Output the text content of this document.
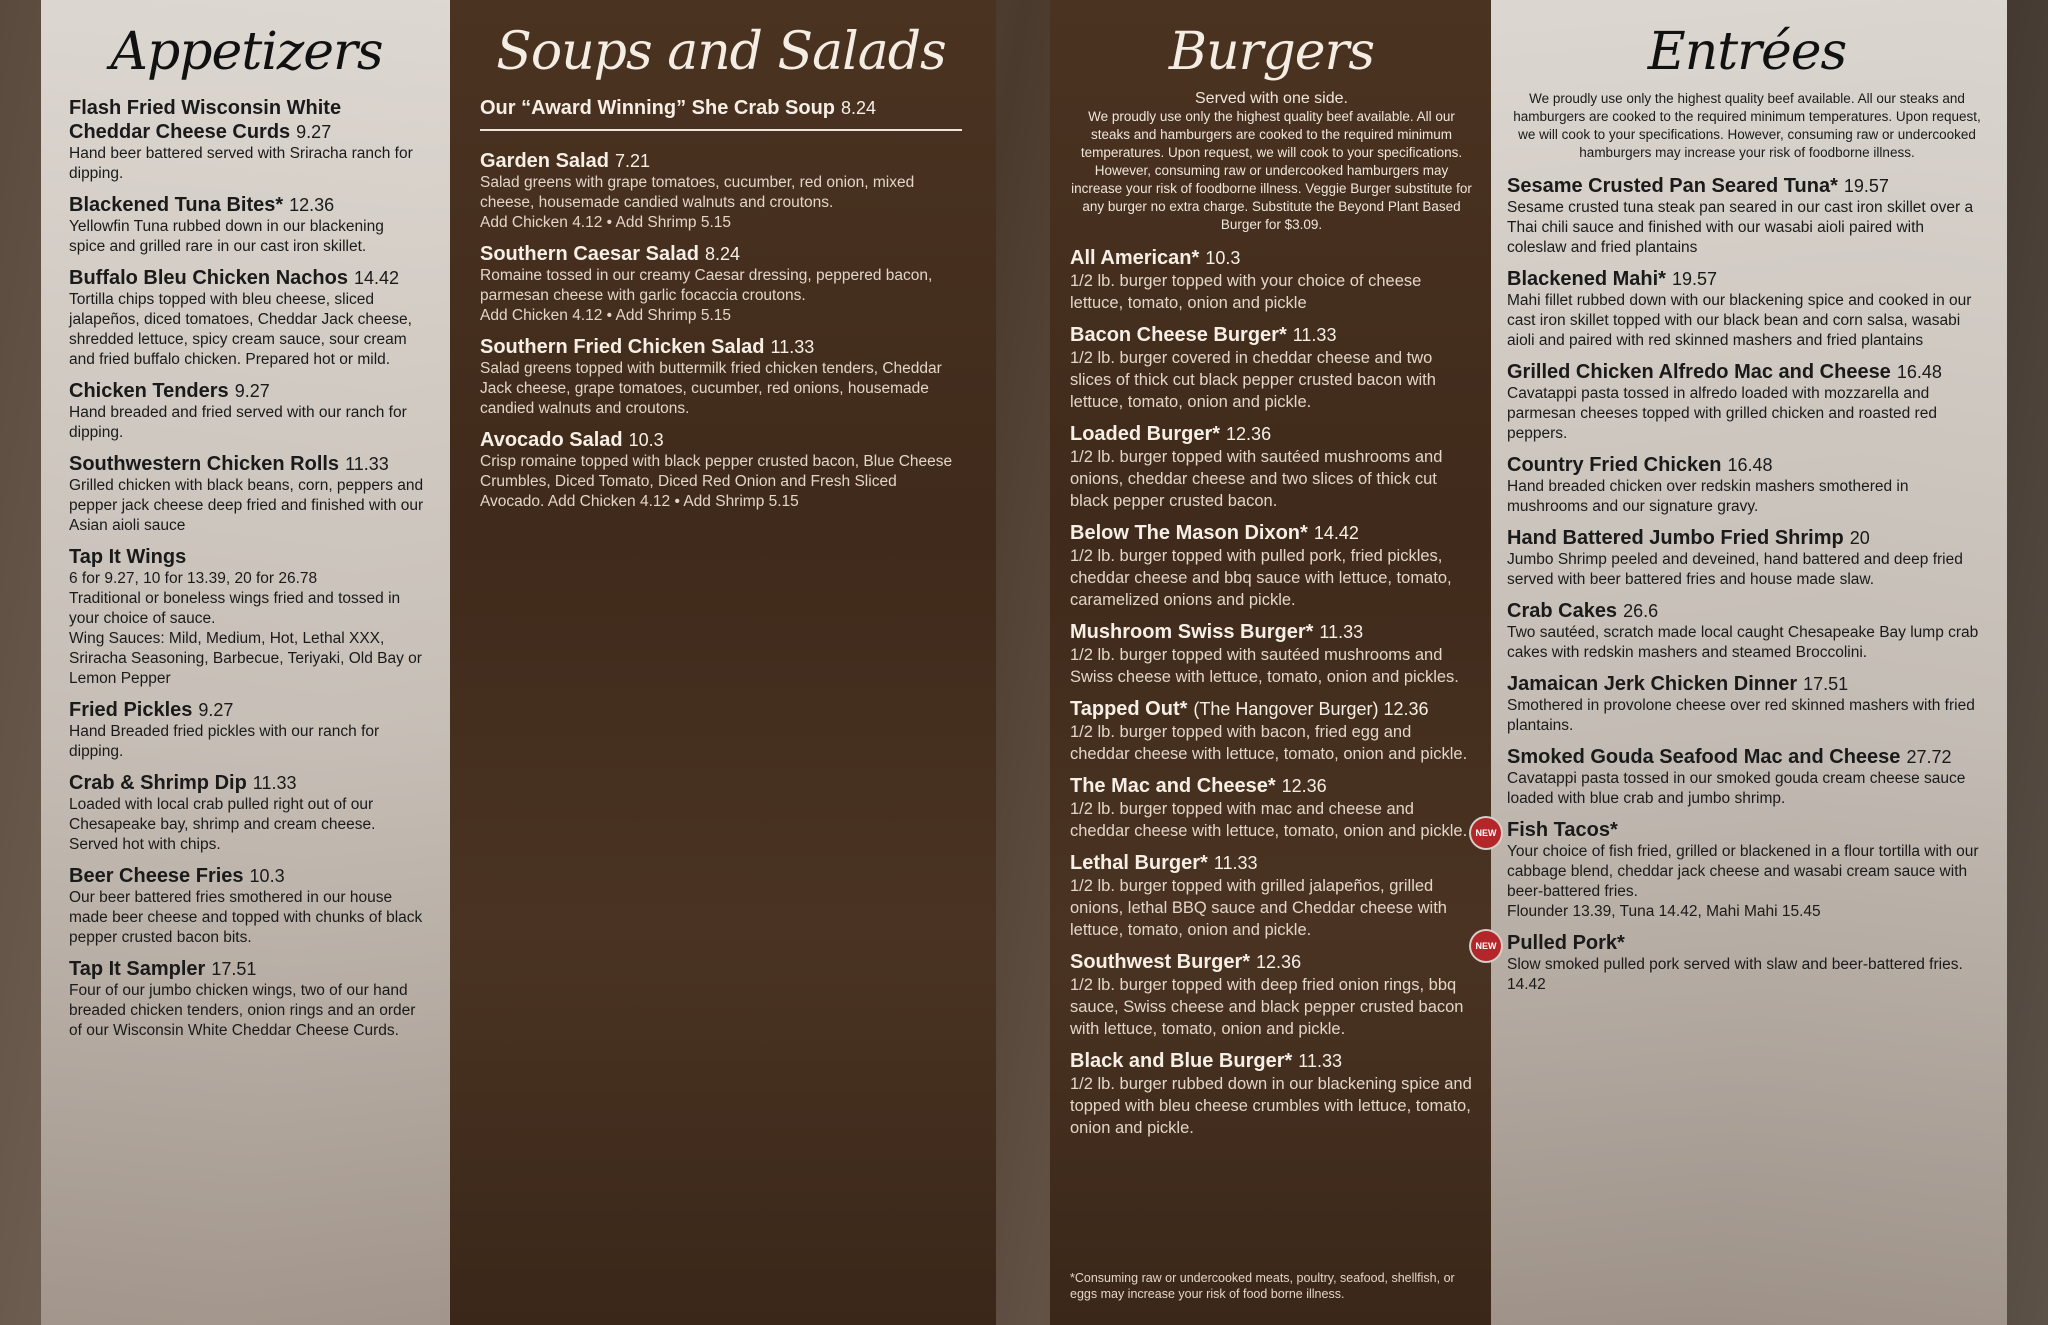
Appetizers
Flash Fried Wisconsin White Cheddar Cheese Curds 9.27
Hand beer battered served with Sriracha ranch for dipping.
Blackened Tuna Bites* 12.36
Yellowfin Tuna rubbed down in our blackening spice and grilled rare in our cast iron skillet.
Buffalo Bleu Chicken Nachos 14.42
Tortilla chips topped with bleu cheese, sliced jalapeños, diced tomatoes, Cheddar Jack cheese, shredded lettuce, spicy cream sauce, sour cream and fried buffalo chicken. Prepared hot or mild.
Chicken Tenders 9.27
Hand breaded and fried served with our ranch for dipping.
Southwestern Chicken Rolls 11.33
Grilled chicken with black beans, corn, peppers and pepper jack cheese deep fried and finished with our Asian aioli sauce
Tap It Wings
6 for 9.27, 10 for 13.39, 20 for 26.78
Traditional or boneless wings fried and tossed in your choice of sauce.
Wing Sauces: Mild, Medium, Hot, Lethal XXX, Sriracha Seasoning, Barbecue, Teriyaki, Old Bay or Lemon Pepper
Fried Pickles 9.27
Hand Breaded fried pickles with our ranch for dipping.
Crab & Shrimp Dip 11.33
Loaded with local crab pulled right out of our Chesapeake bay, shrimp and cream cheese. Served hot with chips.
Beer Cheese Fries 10.3
Our beer battered fries smothered in our house made beer cheese and topped with chunks of black pepper crusted bacon bits.
Tap It Sampler 17.51
Four of our jumbo chicken wings, two of our hand breaded chicken tenders, onion rings and an order of our Wisconsin White Cheddar Cheese Curds.
Soups and Salads
Our “Award Winning” She Crab Soup 8.24
Garden Salad 7.21
Salad greens with grape tomatoes, cucumber, red onion, mixed cheese, housemade candied walnuts and croutons.
Add Chicken 4.12 • Add Shrimp 5.15
Southern Caesar Salad 8.24
Romaine tossed in our creamy Caesar dressing, peppered bacon, parmesan cheese with garlic focaccia croutons.
Add Chicken 4.12 • Add Shrimp 5.15
Southern Fried Chicken Salad 11.33
Salad greens topped with buttermilk fried chicken tenders, Cheddar Jack cheese, grape tomatoes, cucumber, red onions, housemade candied walnuts and croutons.
Avocado Salad 10.3
Crisp romaine topped with black pepper crusted bacon, Blue Cheese Crumbles, Diced Tomato, Diced Red Onion and Fresh Sliced Avocado. Add Chicken 4.12 • Add Shrimp 5.15
Burgers
Served with one side.
We proudly use only the highest quality beef available. All our steaks and hamburgers are cooked to the required minimum temperatures. Upon request, we will cook to your specifications. However, consuming raw or undercooked hamburgers may increase your risk of foodborne illness. Veggie Burger substitute for any burger no extra charge. Substitute the Beyond Plant Based Burger for $3.09.
All American* 10.3
1/2 lb. burger topped with your choice of cheese lettuce, tomato, onion and pickle
Bacon Cheese Burger* 11.33
1/2 lb. burger covered in cheddar cheese and two slices of thick cut black pepper crusted bacon with lettuce, tomato, onion and pickle.
Loaded Burger* 12.36
1/2 lb. burger topped with sautéed mushrooms and onions, cheddar cheese and two slices of thick cut black pepper crusted bacon.
Below The Mason Dixon* 14.42
1/2 lb. burger topped with pulled pork, fried pickles, cheddar cheese and bbq sauce with lettuce, tomato, caramelized onions and pickle.
Mushroom Swiss Burger* 11.33
1/2 lb. burger topped with sautéed mushrooms and Swiss cheese with lettuce, tomato, onion and pickles.
Tapped Out* (The Hangover Burger) 12.36
1/2 lb. burger topped with bacon, fried egg and cheddar cheese with lettuce, tomato, onion and pickle.
The Mac and Cheese* 12.36
1/2 lb. burger topped with mac and cheese and cheddar cheese with lettuce, tomato, onion and pickle.
Lethal Burger* 11.33
1/2 lb. burger topped with grilled jalapeños, grilled onions, lethal BBQ sauce and Cheddar cheese with lettuce, tomato, onion and pickle.
Southwest Burger* 12.36
1/2 lb. burger topped with deep fried onion rings, bbq sauce, Swiss cheese and black pepper crusted bacon with lettuce, tomato, onion and pickle.
Black and Blue Burger* 11.33
1/2 lb. burger rubbed down in our blackening spice and topped with bleu cheese crumbles with lettuce, tomato, onion and pickle.
*Consuming raw or undercooked meats, poultry, seafood, shellfish, or eggs may increase your risk of food borne illness.
Entrées
We proudly use only the highest quality beef available. All our steaks and hamburgers are cooked to the required minimum temperatures. Upon request, we will cook to your specifications. However, consuming raw or undercooked hamburgers may increase your risk of foodborne illness.
Sesame Crusted Pan Seared Tuna* 19.57
Sesame crusted tuna steak pan seared in our cast iron skillet over a Thai chili sauce and finished with our wasabi aioli paired with coleslaw and fried plantains
Blackened Mahi* 19.57
Mahi fillet rubbed down with our blackening spice and cooked in our cast iron skillet topped with our black bean and corn salsa, wasabi aioli and paired with red skinned mashers and fried plantains
Grilled Chicken Alfredo Mac and Cheese 16.48
Cavatappi pasta tossed in alfredo loaded with mozzarella and parmesan cheeses topped with grilled chicken and roasted red peppers.
Country Fried Chicken 16.48
Hand breaded chicken over redskin mashers smothered in mushrooms and our signature gravy.
Hand Battered Jumbo Fried Shrimp 20
Jumbo Shrimp peeled and deveined, hand battered and deep fried served with beer battered fries and house made slaw.
Crab Cakes 26.6
Two sautéed, scratch made local caught Chesapeake Bay lump crab cakes with redskin mashers and steamed Broccolini.
Jamaican Jerk Chicken Dinner 17.51
Smothered in provolone cheese over red skinned mashers with fried plantains.
Smoked Gouda Seafood Mac and Cheese 27.72
Cavatappi pasta tossed in our smoked gouda cream cheese sauce loaded with blue crab and jumbo shrimp.
NEW Fish Tacos*
Your choice of fish fried, grilled or blackened in a flour tortilla with our cabbage blend, cheddar jack cheese and wasabi cream sauce with beer-battered fries.
Flounder 13.39, Tuna 14.42, Mahi Mahi 15.45
NEW Pulled Pork*
Slow smoked pulled pork served with slaw and beer-battered fries. 14.42
